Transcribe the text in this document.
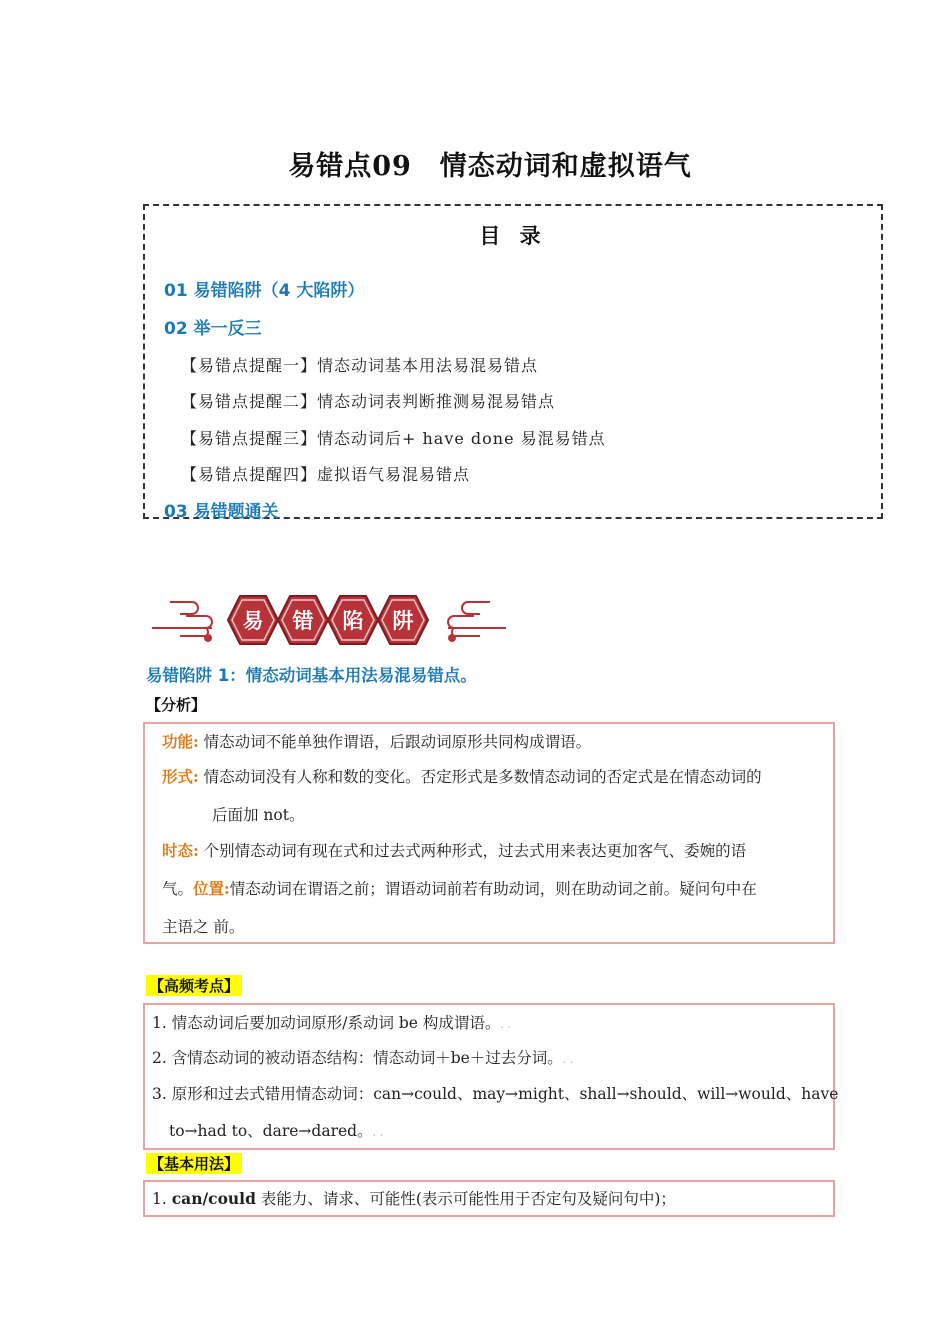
易错点09　情态动词和虚拟语气
目 录
01 易错陷阱（4 大陷阱）
02 举一反三
【易错点提醒一】情态动词基本用法易混易错点
【易错点提醒二】情态动词表判断推测易混易错点
【易错点提醒三】情态动词后+ have done 易混易错点
【易错点提醒四】虚拟语气易混易错点
03 易错题通关
易 错 陷 阱
易错陷阱 1：情态动词基本用法易混易错点。
【分析】
功能: 情态动词不能单独作谓语，后跟动词原形共同构成谓语。
形式: 情态动词没有人称和数的变化。否定形式是多数情态动词的否定式是在情态动词的
后面加 not。
时态: 个别情态动词有现在式和过去式两种形式，过去式用来表达更加客气、委婉的语
气。位置:情态动词在谓语之前；谓语动词前若有助动词，则在助动词之前。疑问句中在
主语之 前。
【高频考点】
1. 情态动词后要加动词原形/系动词 be 构成谓语。. .
2. 含情态动词的被动语态结构：情态动词＋be＋过去分词。. .
3. 原形和过去式错用情态动词：can→could、may→might、shall→should、will→would、have
to→had to、dare→dared。. .
【基本用法】
1. can/could 表能力、请求、可能性(表示可能性用于否定句及疑问句中)；
